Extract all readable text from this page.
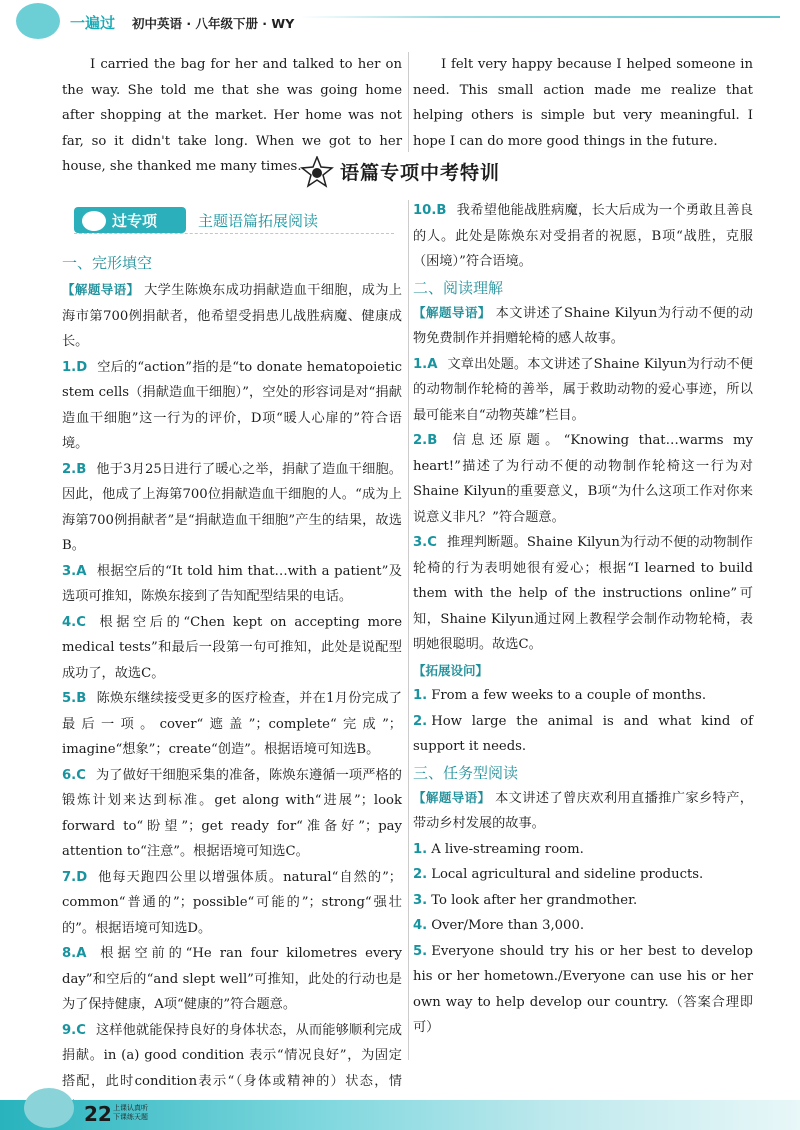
一遍过 初中英语 · 八年级下册 · WY
I carried the bag for her and talked to her on the way. She told me that she was going home after shopping at the market. Her home was not far, so it didn't take long. When we got to her house, she thanked me many times.
I felt very happy because I helped someone in need. This small action made me realize that helping others is simple but very meaningful. I hope I can do more good things in the future.
语篇专项中考特训
过专项	主题语篇拓展阅读
一、完形填空
【解题导语】 大学生陈焕东成功捐献造血干细胞，成为上海市第700例捐献者，他希望受捐患儿战胜病魔、健康成长。
1.D 空后的“action”指的是“to donate hematopoietic stem cells（捐献造血干细胞）”，空处的形容词是对“捐献造血干细胞”这一行为的评价，D项“暖人心扉的”符合语境。
2.B 他于3月25日进行了暖心之举，捐献了造血干细胞。因此，他成了上海第700位捐献造血干细胞的人。“成为上海第700例捐献者”是“捐献造血干细胞”产生的结果，故选B。
3.A 根据空后的“It told him that…with a patient”及选项可推知，陈焕东接到了告知配型结果的电话。
4.C 根据空后的“Chen kept on accepting more medical tests”和最后一段第一句可推知，此处是说配型成功了，故选C。
5.B 陈焕东继续接受更多的医疗检查，并在1月份完成了最后一项。cover“遮盖”；complete“完成”；imagine“想象”；create“创造”。根据语境可知选B。
6.C 为了做好干细胞采集的准备，陈焕东遵循一项严格的锻炼计划来达到标准。get along with“进展”；look forward to“盼望”；get ready for“准备好”；pay attention to“注意”。根据语境可知选C。
7.D 他每天跑四公里以增强体质。natural“自然的”；common“普通的”；possible“可能的”；strong“强壮的”。根据语境可知选D。
8.A 根据空前的“He ran four kilometres every day”和空后的“and slept well”可推知，此处的行动也是为了保持健康，A项“健康的”符合题意。
9.C 这样他就能保持良好的身体状态，从而能够顺利完成捐献。in (a) good condition 表示“情况良好”，为固定搭配，此时condition表示“（身体或精神的）状态，情
10.B 我希望他能战胜病魔，长大后成为一个勇敢且善良的人。此处是陈焕东对受捐者的祝愿，B项“战胜，克服（困境）”符合语境。
二、阅读理解
【解题导语】 本文讲述了Shaine Kilyun为行动不便的动物免费制作并捐赠轮椅的感人故事。
1.A 文章出处题。本文讲述了Shaine Kilyun为行动不便的动物制作轮椅的善举，属于救助动物的爱心事迹，所以最可能来自“动物英雄”栏目。
2.B 信息还原题。“Knowing that…warms my heart!”描述了为行动不便的动物制作轮椅这一行为对Shaine Kilyun的重要意义，B项“为什么这项工作对你来说意义非凡？”符合题意。
3.C 推理判断题。Shaine Kilyun为行动不便的动物制作轮椅的行为表明她很有爱心；根据“I learned to build them with the help of the instructions online”可知，Shaine Kilyun通过网上教程学会制作动物轮椅，表明她很聪明。故选C。
【拓展设问】
1. From a few weeks to a couple of months.
2. How large the animal is and what kind of support it needs.
三、任务型阅读
【解题导语】 本文讲述了曾庆欢利用直播推广家乡特产，带动乡村发展的故事。
1. A live-streaming room.
2. Local agricultural and sideline products.
3. To look after her grandmother.
4. Over/More than 3,000.
5. Everyone should try his or her best to develop his or her hometown./Everyone can use his or her own way to help develop our country.（答案合理即可）
22 上课认真听
下课练天题
